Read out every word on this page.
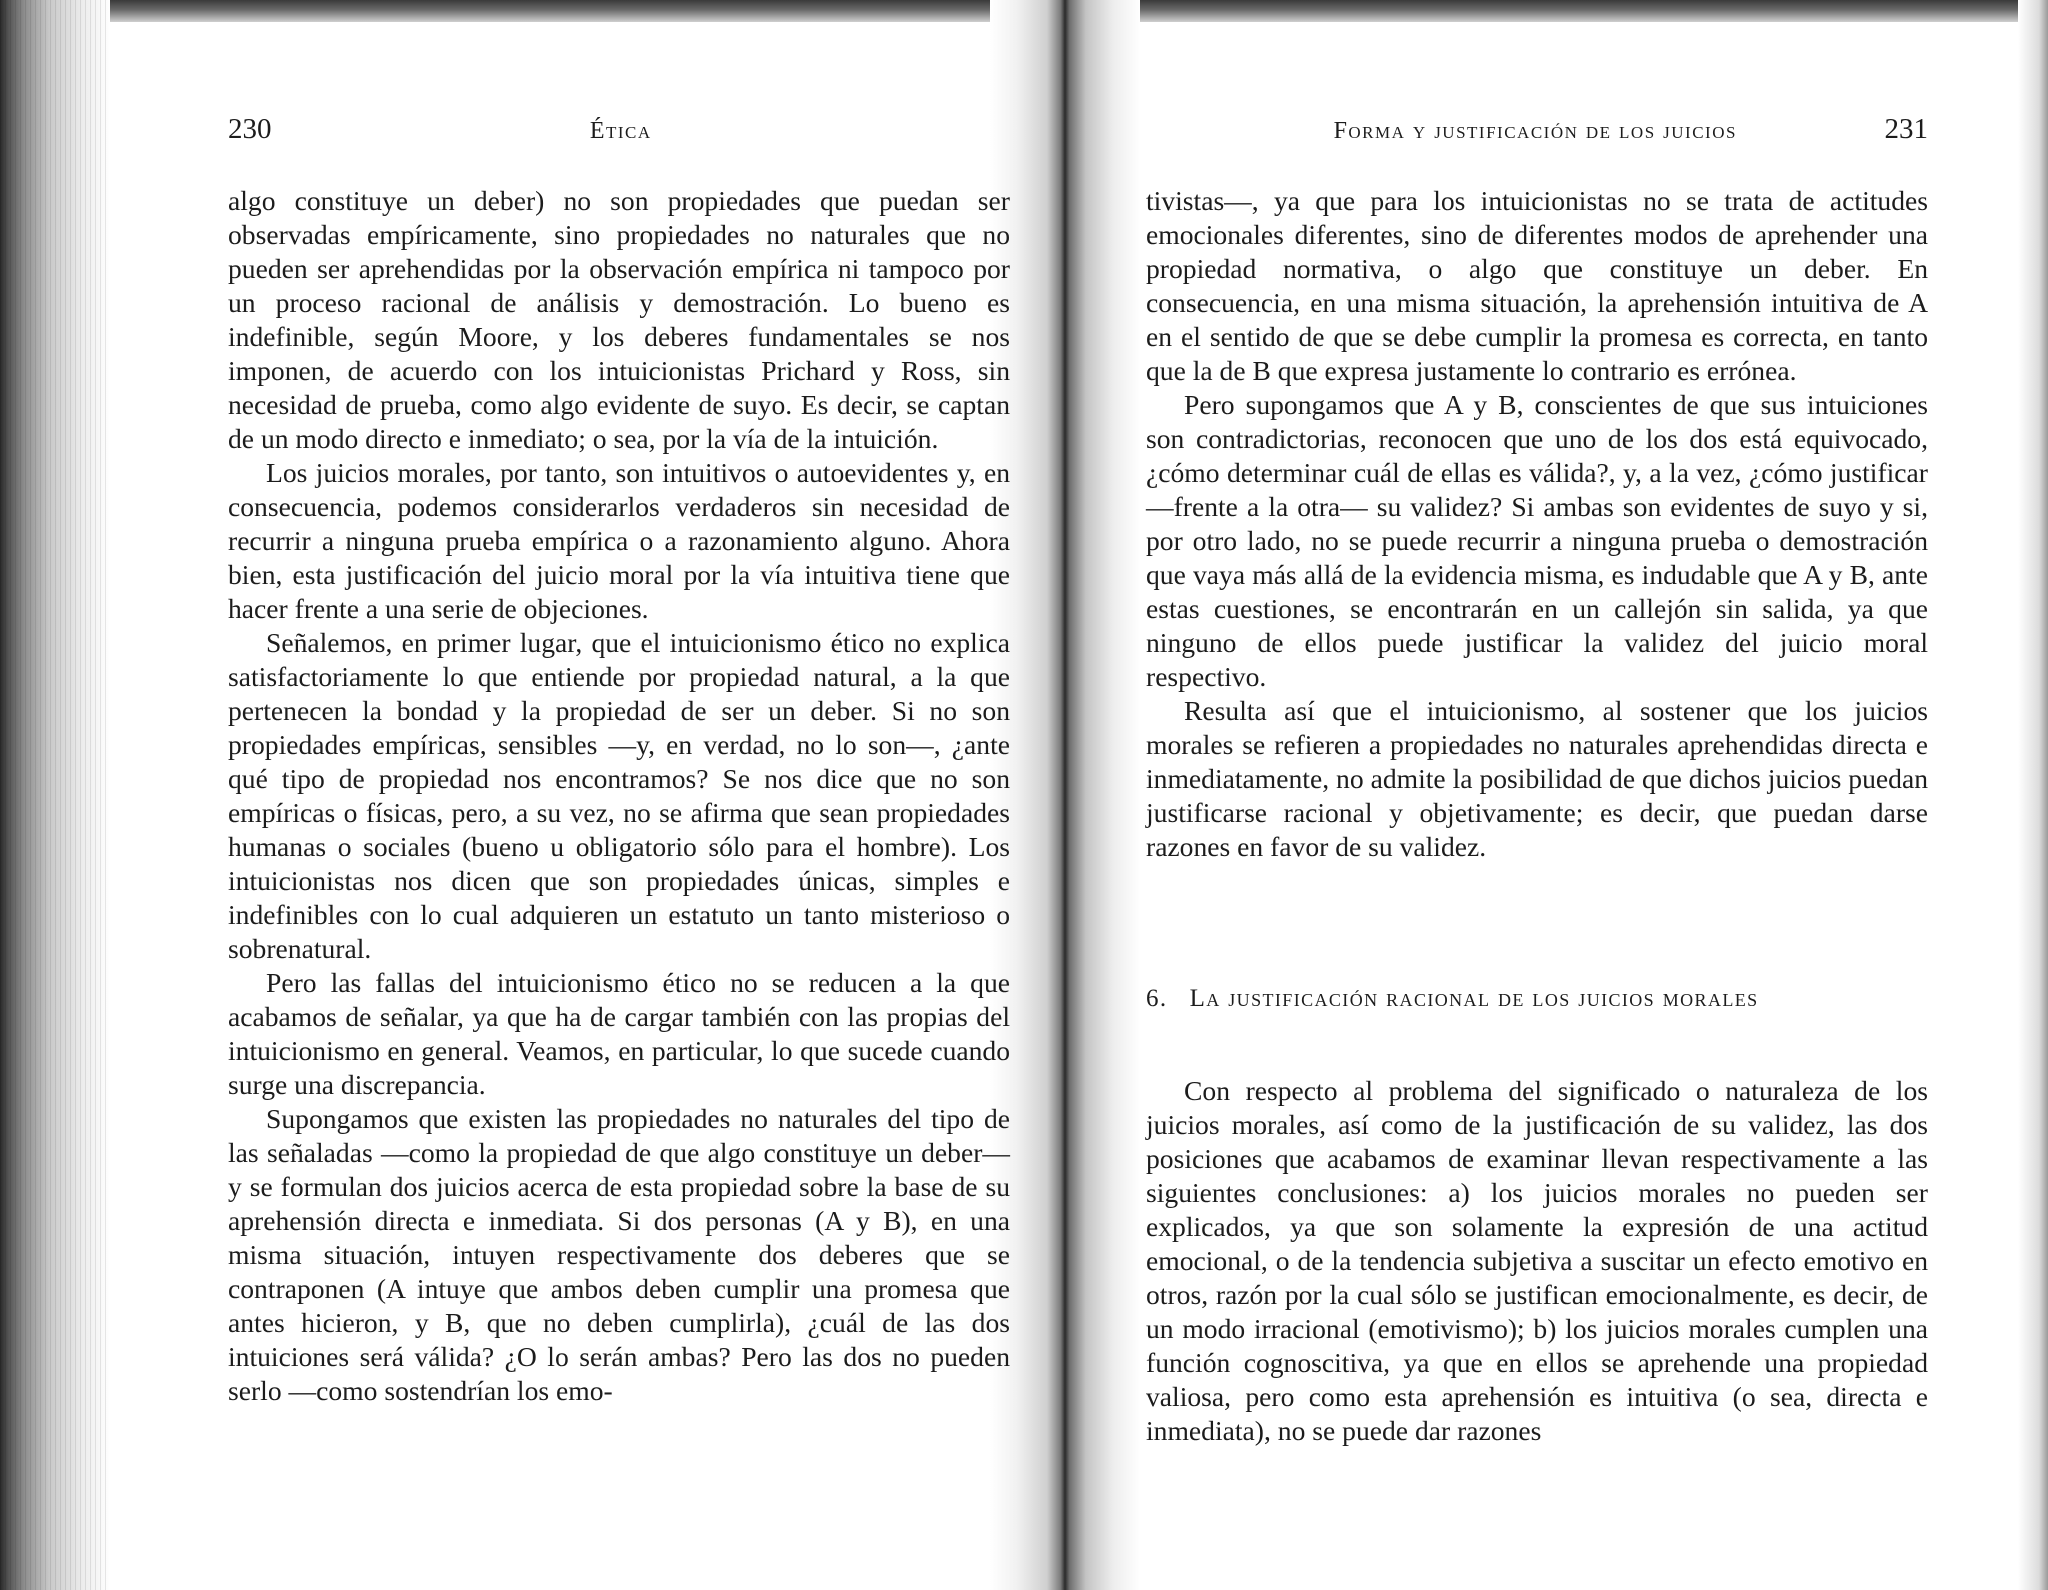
230	Ética

algo constituye un deber) no son propiedades que puedan ser observadas empíricamente, sino propiedades no naturales que no pueden ser aprehendidas por la observación empírica ni tampoco por un proceso racional de análisis y demostración. Lo bueno es indefinible, según Moore, y los deberes fundamentales se nos imponen, de acuerdo con los intuicionistas Prichard y Ross, sin necesidad de prueba, como algo evidente de suyo. Es decir, se captan de un modo directo e inmediato; o sea, por la vía de la intuición.

Los juicios morales, por tanto, son intuitivos o autoevidentes y, en consecuencia, podemos considerarlos verdaderos sin necesidad de recurrir a ninguna prueba empírica o a razonamiento alguno. Ahora bien, esta justificación del juicio moral por la vía intuitiva tiene que hacer frente a una serie de objeciones.

Señalemos, en primer lugar, que el intuicionismo ético no explica satisfactoriamente lo que entiende por propiedad natural, a la que pertenecen la bondad y la propiedad de ser un deber. Si no son propiedades empíricas, sensibles —y, en verdad, no lo son—, ¿ante qué tipo de propiedad nos encontramos? Se nos dice que no son empíricas o físicas, pero, a su vez, no se afirma que sean propiedades humanas o sociales (bueno u obligatorio sólo para el hombre). Los intuicionistas nos dicen que son propiedades únicas, simples e indefinibles con lo cual adquieren un estatuto un tanto misterioso o sobrenatural.

Pero las fallas del intuicionismo ético no se reducen a la que acabamos de señalar, ya que ha de cargar también con las propias del intuicionismo en general. Veamos, en particular, lo que sucede cuando surge una discrepancia.

Supongamos que existen las propiedades no naturales del tipo de las señaladas —como la propiedad de que algo constituye un deber— y se formulan dos juicios acerca de esta propiedad sobre la base de su aprehensión directa e inmediata. Si dos personas (A y B), en una misma situación, intuyen respectivamente dos deberes que se contraponen (A intuye que ambos deben cumplir una promesa que antes hicieron, y B, que no deben cumplirla), ¿cuál de las dos intuiciones será válida? ¿O lo serán ambas? Pero las dos no pueden serlo —como sostendrían los emo-

Forma y justificación de los juicios	231

tivistas—, ya que para los intuicionistas no se trata de actitudes emocionales diferentes, sino de diferentes modos de aprehender una propiedad normativa, o algo que constituye un deber. En consecuencia, en una misma situación, la aprehensión intuitiva de A en el sentido de que se debe cumplir la promesa es correcta, en tanto que la de B que expresa justamente lo contrario es errónea.

Pero supongamos que A y B, conscientes de que sus intuiciones son contradictorias, reconocen que uno de los dos está equivocado, ¿cómo determinar cuál de ellas es válida?, y, a la vez, ¿cómo justificar —frente a la otra— su validez? Si ambas son evidentes de suyo y si, por otro lado, no se puede recurrir a ninguna prueba o demostración que vaya más allá de la evidencia misma, es indudable que A y B, ante estas cuestiones, se encontrarán en un callejón sin salida, ya que ninguno de ellos puede justificar la validez del juicio moral respectivo.

Resulta así que el intuicionismo, al sostener que los juicios morales se refieren a propiedades no naturales aprehendidas directa e inmediatamente, no admite la posibilidad de que dichos juicios puedan justificarse racional y objetivamente; es decir, que puedan darse razones en favor de su validez.

6. La justificación racional de los juicios morales

Con respecto al problema del significado o naturaleza de los juicios morales, así como de la justificación de su validez, las dos posiciones que acabamos de examinar llevan respectivamente a las siguientes conclusiones: a) los juicios morales no pueden ser explicados, ya que son solamente la expresión de una actitud emocional, o de la tendencia subjetiva a suscitar un efecto emotivo en otros, razón por la cual sólo se justifican emocionalmente, es decir, de un modo irracional (emotivismo); b) los juicios morales cumplen una función cognoscitiva, ya que en ellos se aprehende una propiedad valiosa, pero como esta aprehensión es intuitiva (o sea, directa e inmediata), no se puede dar razones
